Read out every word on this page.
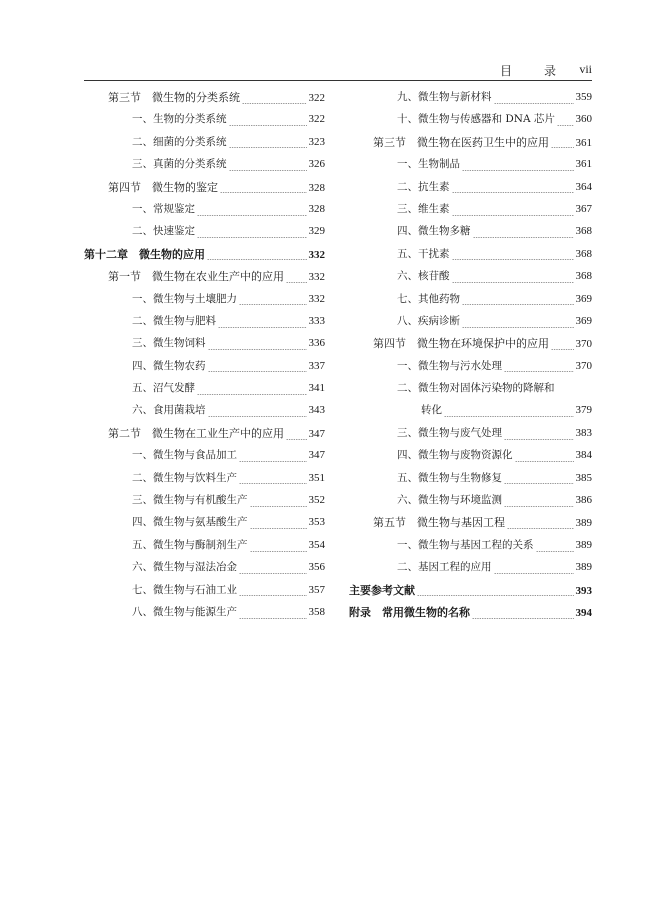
目　录 vii
第三节　微生物的分类系统	322
一、生物的分类系统	322
二、细菌的分类系统	323
三、真菌的分类系统	326
第四节　微生物的鉴定	328
一、常规鉴定	328
二、快速鉴定	329
第十二章　微生物的应用	332
第一节　微生物在农业生产中的应用 332
一、微生物与土壤肥力	332
二、微生物与肥料	333
三、微生物饲料	336
四、微生物农药	337
五、沼气发酵	341
六、食用菌栽培	343
第二节　微生物在工业生产中的应用 347
一、微生物与食品加工	347
二、微生物与饮料生产	351
三、微生物与有机酸生产	352
四、微生物与氨基酸生产	353
五、微生物与酶制剂生产	354
六、微生物与湿法冶金	356
七、微生物与石油工业	357
八、微生物与能源生产	358
九、微生物与新材料	359
十、微生物与传感器和 DNA 芯片 360
第三节　微生物在医药卫生中的应用 361
一、生物制品	361
二、抗生素	364
三、维生素	367
四、微生物多糖	368
五、干扰素	368
六、核苷酸	368
七、其他药物	369
八、疾病诊断	369
第四节　微生物在环境保护中的应用 370
一、微生物与污水处理	370
二、微生物对固体污染物的降解和
转化	379
三、微生物与废气处理	383
四、微生物与废物资源化	384
五、微生物与生物修复	385
六、微生物与环境监测	386
第五节　微生物与基因工程	389
一、微生物与基因工程的关系	389
二、基因工程的应用	389
主要参考文献	393
附录　常用微生物的名称	394
